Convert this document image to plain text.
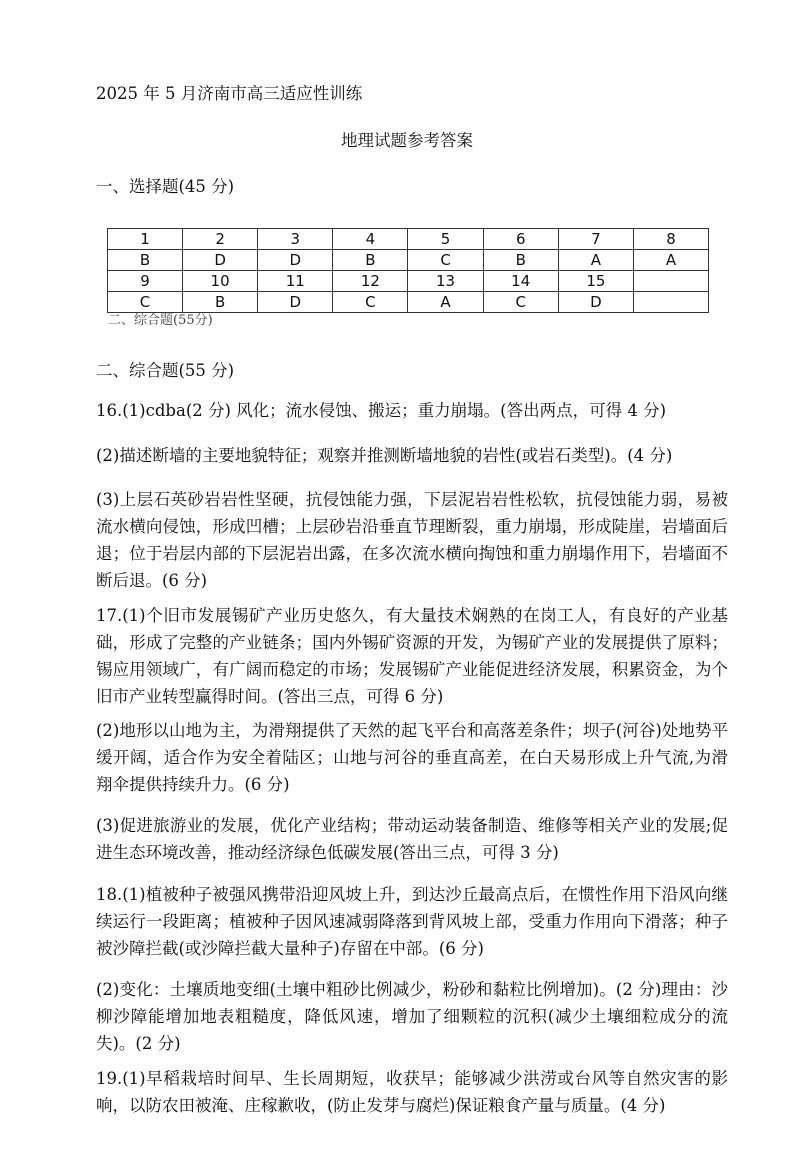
2025 年 5 月济南市高三适应性训练
地理试题参考答案
一、选择题(45 分)
1	2	3	4	5	6	7	8
B	D	D	B	C	B	A	A
9	10	11	12	13	14	15	
C	B	D	C	A	C	D	
二、综合题(55分)
二、综合题(55 分)
16.(1)cdba(2 分) 风化；流水侵蚀、搬运；重力崩塌。(答出两点，可得 4 分)
(2)描述断墙的主要地貌特征；观察并推测断墙地貌的岩性(或岩石类型)。(4 分)
(3)上层石英砂岩岩性坚硬，抗侵蚀能力强，下层泥岩岩性松软，抗侵蚀能力弱，易被流水横向侵蚀，形成凹槽；上层砂岩沿垂直节理断裂，重力崩塌，形成陡崖，岩墙面后退；位于岩层内部的下层泥岩出露，在多次流水横向掏蚀和重力崩塌作用下，岩墙面不断后退。(6 分)
17.(1)个旧市发展锡矿产业历史悠久，有大量技术娴熟的在岗工人，有良好的产业基础，形成了完整的产业链条；国内外锡矿资源的开发，为锡矿产业的发展提供了原料；锡应用领域广，有广阔而稳定的市场；发展锡矿产业能促进经济发展，积累资金，为个旧市产业转型赢得时间。(答出三点，可得 6 分)
(2)地形以山地为主，为滑翔提供了天然的起飞平台和高落差条件；坝子(河谷)处地势平缓开阔，适合作为安全着陆区；山地与河谷的垂直高差，在白天易形成上升气流,为滑翔伞提供持续升力。(6 分)
(3)促进旅游业的发展，优化产业结构；带动运动装备制造、维修等相关产业的发展;促进生态环境改善，推动经济绿色低碳发展(答出三点，可得 3 分)
18.(1)植被种子被强风携带沿迎风坡上升，到达沙丘最高点后，在惯性作用下沿风向继续运行一段距离；植被种子因风速减弱降落到背风坡上部，受重力作用向下滑落；种子被沙障拦截(或沙障拦截大量种子)存留在中部。(6 分)
(2)变化：土壤质地变细(土壤中粗砂比例减少，粉砂和黏粒比例增加)。(2 分)理由：沙柳沙障能增加地表粗糙度，降低风速，增加了细颗粒的沉积(减少土壤细粒成分的流失)。(2 分)
19.(1)早稻栽培时间早、生长周期短，收获早；能够减少洪涝或台风等自然灾害的影响，以防农田被淹、庄稼歉收，(防止发芽与腐烂)保证粮食产量与质量。(4 分)
